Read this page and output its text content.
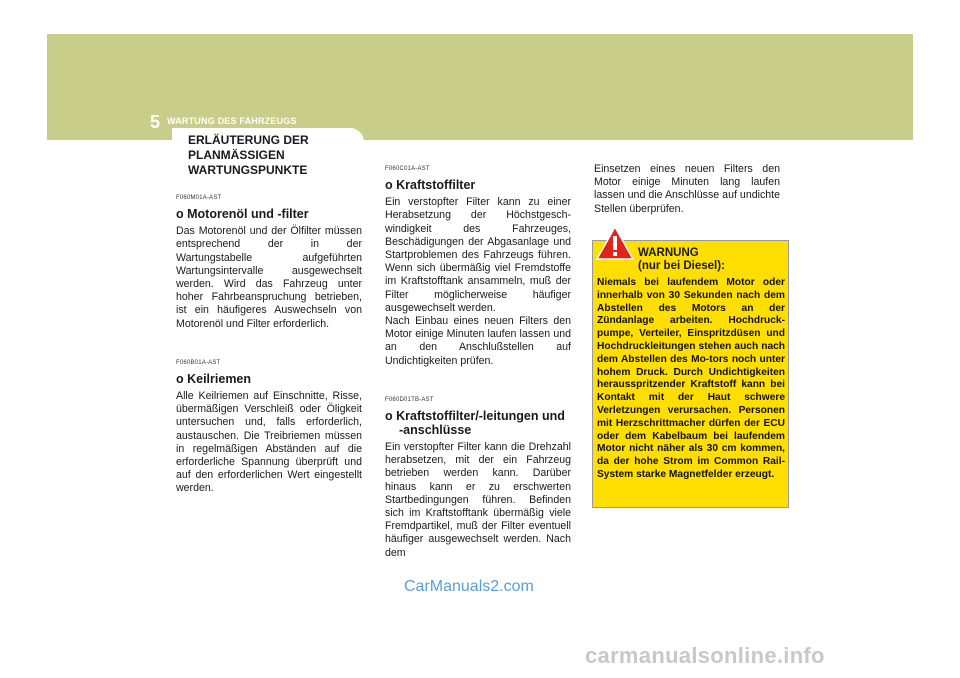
5 WARTUNG DES FAHRZEUGS
8	ERLÄUTERUNG DER PLANMÄSSIGEN WARTUNGSPUNKTE
F060M01A-AST
o Motorenöl und -filter

Das Motorenöl und der Ölfilter müssen entsprechend der in der Wartungstabelle aufgeführten Wartungsintervalle ausgewechselt werden. Wird das Fahrzeug unter hoher Fahrbeanspruchung betrieben, ist ein häufigeres Auswechseln von Motorenöl und Filter erforderlich.

F060B01A-AST
o Keilriemen

Alle Keilriemen auf Einschnitte, Risse, übermäßigen Verschleiß oder Öligkeit untersuchen und, falls erforderlich, austauschen. Die Treibriemen müssen in regelmäßigen Abständen auf die erforderliche Spannung überprüft und auf den erforderlichen Wert eingestellt werden.

F060C01A-AST
o Kraftstoffilter

Ein verstopfter Filter kann zu einer Herabsetzung der Höchstgesch-windigkeit des Fahrzeuges, Beschädigungen der Abgasanlage und Startproblemen des Fahrzeugs führen. Wenn sich übermäßig viel Fremdstoffe im Kraftstofftank ansammeln, muß der Filter möglicherweise häufiger ausgewechselt werden.

Nach Einbau eines neuen Filters den Motor einige Minuten laufen lassen und an den Anschlußstellen auf Undichtigkeiten prüfen.

F060D01TB-AST
o Kraftstoffilter/-leitungen und
-anschlüsse

Ein verstopfter Filter kann die Drehzahl herabsetzen, mit der ein Fahrzeug betrieben werden kann. Darüber hinaus kann er zu erschwerten Startbedingungen führen. Befinden sich im Kraftstofftank übermäßig viele Fremdpartikel, muß der Filter eventuell häufiger ausgewechselt werden. Nach dem

Einsetzen eines neuen Filters den Motor einige Minuten lang laufen lassen und die Anschlüsse auf undichte Stellen überprüfen.

WARNUNG
(nur bei Diesel):
Niemals bei laufendem Motor oder innerhalb von 30 Sekunden nach dem Abstellen des Motors an der Zündanlage arbeiten. Hochdruck-pumpe, Verteiler, Einspritzdüsen und Hochdruckleitungen stehen auch nach dem Abstellen des Mo-tors noch unter hohem Druck. Durch Undichtigkeiten herausspritzender Kraftstoff kann bei Kontakt mit der Haut schwere Verletzungen verursachen. Personen mit Herzschrittmacher dürfen der ECU oder dem Kabelbaum bei laufendem Motor nicht näher als 30 cm kommen, da der hohe Strom im Common Rail-System starke Magnetfelder erzeugt.
CarManuals2.com
carmanualsonline.info
